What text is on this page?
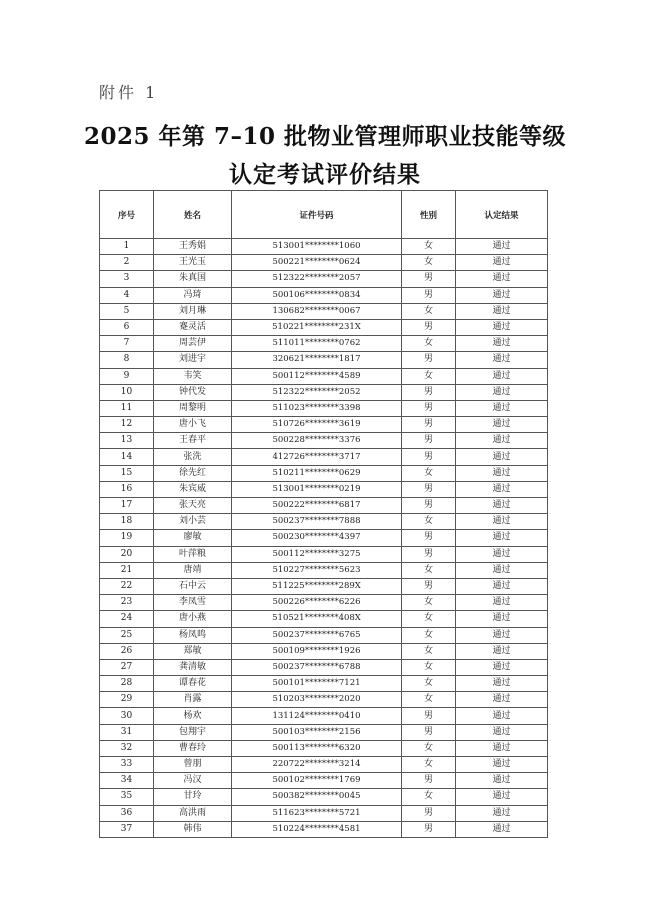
附件 1
2025 年第 7–10 批物业管理师职业技能等级
认定考试评价结果
序号	姓名	证件号码	性别	认定结果
1	王秀娟	513001********1060	女	通过
2	王光玉	500221********0624	女	通过
3	朱真国	512322********2057	男	通过
4	冯琦	500106********0834	男	通过
5	刘月琳	130682********0067	女	通过
6	蹇灵活	510221********231X	男	通过
7	周芸伊	511011********0762	女	通过
8	刘进宇	320621********1817	男	通过
9	韦笑	500112********4589	女	通过
10	钟代发	512322********2052	男	通过
11	周黎明	511023********3398	男	通过
12	唐小飞	510726********3619	男	通过
13	王春平	500228********3376	男	通过
14	张洗	412726********3717	男	通过
15	徐先红	510211********0629	女	通过
16	朱宾威	513001********0219	男	通过
17	张天亮	500222********6817	男	通过
18	刘小芸	500237********7888	女	通过
19	廖敏	500230********4397	男	通过
20	叶萍粮	500112********3275	男	通过
21	唐靖	510227********5623	女	通过
22	石中云	511225********289X	男	通过
23	李凤雪	500226********6226	女	通过
24	唐小燕	510521********408X	女	通过
25	杨凤鸣	500237********6765	女	通过
26	郑敏	500109********1926	女	通过
27	龚清敏	500237********6788	女	通过
28	谭春花	500101********7121	女	通过
29	肖露	510203********2020	女	通过
30	杨欢	131124********0410	男	通过
31	包翔宇	500103********2156	男	通过
32	曹春玲	500113********6320	女	通过
33	曾朋	220722********3214	女	通过
34	冯汉	500102********1769	男	通过
35	甘玲	500382********0045	女	通过
36	高洪雨	511623********5721	男	通过
37	韩伟	510224********4581	男	通过
